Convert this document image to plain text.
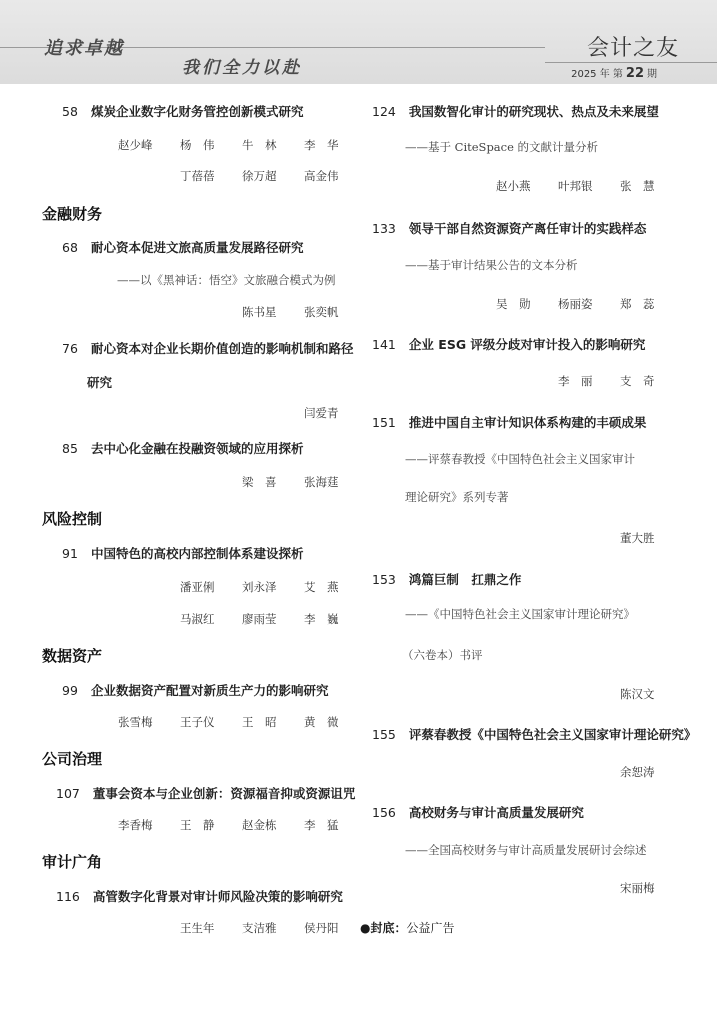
追求卓越
我们全力以赴
会计之友
2025 年 第 22 期
58 煤炭企业数字化财务管控创新模式研究
赵少峰 杨　伟 牛　林 李　华
丁蓓蓓 徐万超 高金伟
金融财务
68 耐心资本促进文旅高质量发展路径研究
——以《黑神话：悟空》文旅融合模式为例
陈书星 张奕帆
76 耐心资本对企业长期价值创造的影响机制和路径
研究
闫爱青
85 去中心化金融在投融资领域的应用探析
梁　喜 张海莛
风险控制
91 中国特色的高校内部控制体系建设探析
潘亚俐 刘永泽 艾　燕
马淑红 廖雨莹 李　巍
数据资产
99 企业数据资产配置对新质生产力的影响研究
张雪梅 王子仪 王　昭 黄　微
公司治理
107 董事会资本与企业创新：资源福音抑或资源诅咒
李香梅 王　静 赵金栋 李　猛
审计广角
116 高管数字化背景对审计师风险决策的影响研究
王生年 支洁雅 侯丹阳
124 我国数智化审计的研究现状、热点及未来展望
——基于 CiteSpace 的文献计量分析
赵小燕 叶邦银 张　慧
133 领导干部自然资源资产离任审计的实践样态
——基于审计结果公告的文本分析
吴　勋 杨丽姿 郑　蕊
141 企业 ESG 评级分歧对审计投入的影响研究
李　丽 支　奇
151 推进中国自主审计知识体系构建的丰硕成果
——评蔡春教授《中国特色社会主义国家审计
理论研究》系列专著
董大胜
153 鸿篇巨制　扛鼎之作
——《中国特色社会主义国家审计理论研究》
（六卷本）书评
陈汉文
155 评蔡春教授《中国特色社会主义国家审计理论研究》
余恕涛
156 高校财务与审计高质量发展研究
——全国高校财务与审计高质量发展研讨会综述
宋丽梅
●封底：公益广告
